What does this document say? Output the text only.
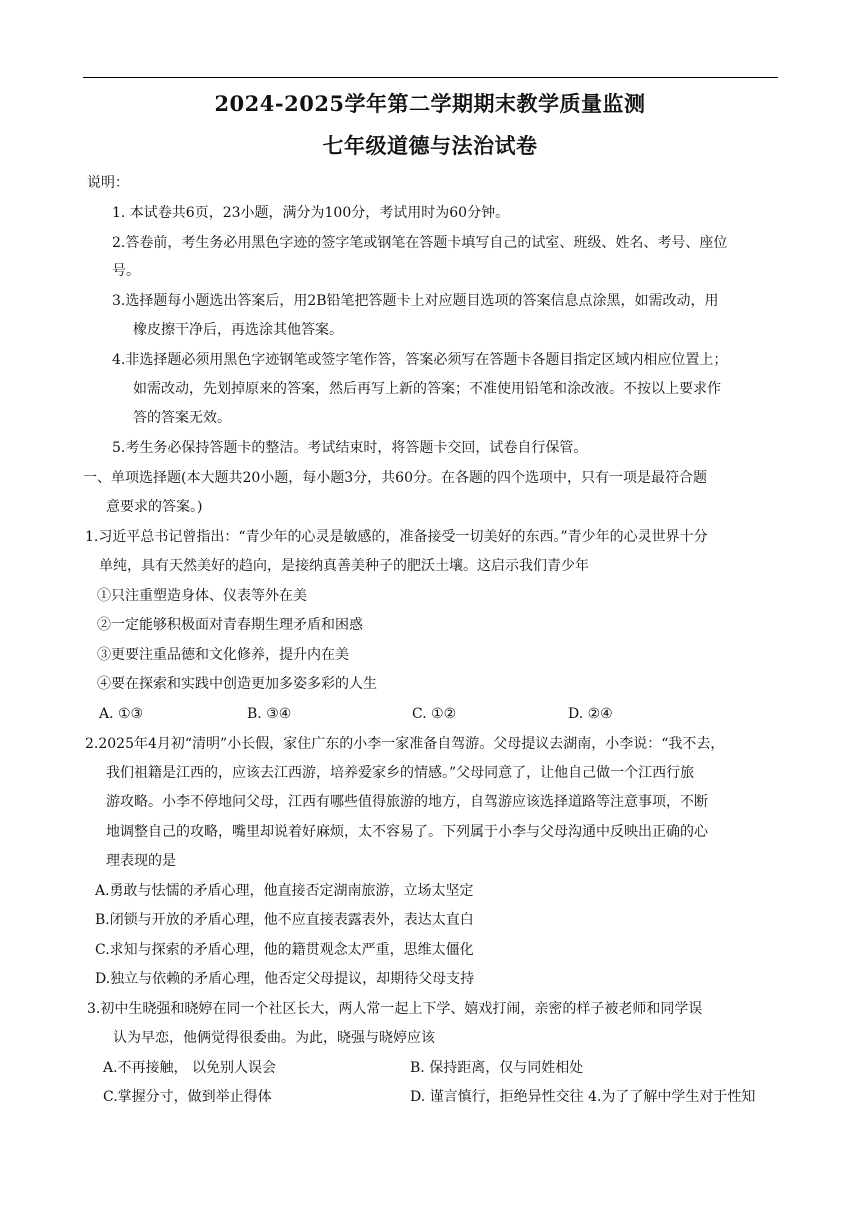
2024-2025学年第二学期期末教学质量监测
七年级道德与法治试卷
说明：
1. 本试卷共6页，23小题，满分为100分，考试用时为60分钟。
2.答卷前，考生务必用黑色字迹的签字笔或钢笔在答题卡填写自己的试室、班级、姓名、考号、座位
号。
3.选择题每小题选出答案后，用2B铅笔把答题卡上对应题目选项的答案信息点涂黑，如需改动，用
橡皮擦干净后，再选涂其他答案。
4.非选择题必须用黑色字迹钢笔或签字笔作答，答案必须写在答题卡各题目指定区域内相应位置上；
如需改动，先划掉原来的答案，然后再写上新的答案；不准使用铅笔和涂改液。不按以上要求作
答的答案无效。
5.考生务必保持答题卡的整洁。考试结束时，将答题卡交回，试卷自行保管。
一、单项选择题(本大题共20小题，每小题3分，共60分。在各题的四个选项中，只有一项是最符合题
意要求的答案。)
1.习近平总书记曾指出：“青少年的心灵是敏感的，准备接受一切美好的东西。”青少年的心灵世界十分
单纯，具有天然美好的趋向，是接纳真善美种子的肥沃土壤。这启示我们青少年
①只注重塑造身体、仪表等外在美
②一定能够积极面对青春期生理矛盾和困惑
③更要注重品德和文化修养，提升内在美
④要在探索和实践中创造更加多姿多彩的人生
A. ①③	B. ③④	C. ①②	D. ②④
2.2025年4月初“清明”小长假，家住广东的小李一家准备自驾游。父母提议去湖南，小李说：“我不去，
我们祖籍是江西的，应该去江西游，培养爱家乡的情感。”父母同意了，让他自己做一个江西行旅
游攻略。小李不停地问父母，江西有哪些值得旅游的地方，自驾游应该选择道路等注意事项，不断
地调整自己的攻略，嘴里却说着好麻烦，太不容易了。下列属于小李与父母沟通中反映出正确的心
理表现的是
A.勇敢与怯懦的矛盾心理，他直接否定湖南旅游，立场太坚定
B.闭锁与开放的矛盾心理，他不应直接表露表外，表达太直白
C.求知与探索的矛盾心理，他的籍贯观念太严重，思维太僵化
D.独立与依赖的矛盾心理，他否定父母提议，却期待父母支持
3.初中生晓强和晓婷在同一个社区长大，两人常一起上下学、嬉戏打闹，亲密的样子被老师和同学误
认为早恋，他俩觉得很委曲。为此，晓强与晓婷应该
A.不再接触， 以免别人误会	B. 保持距离，仅与同姓相处
C.掌握分寸，做到举止得体	D. 谨言慎行，拒绝异性交往 4.为了了解中学生对于性知
